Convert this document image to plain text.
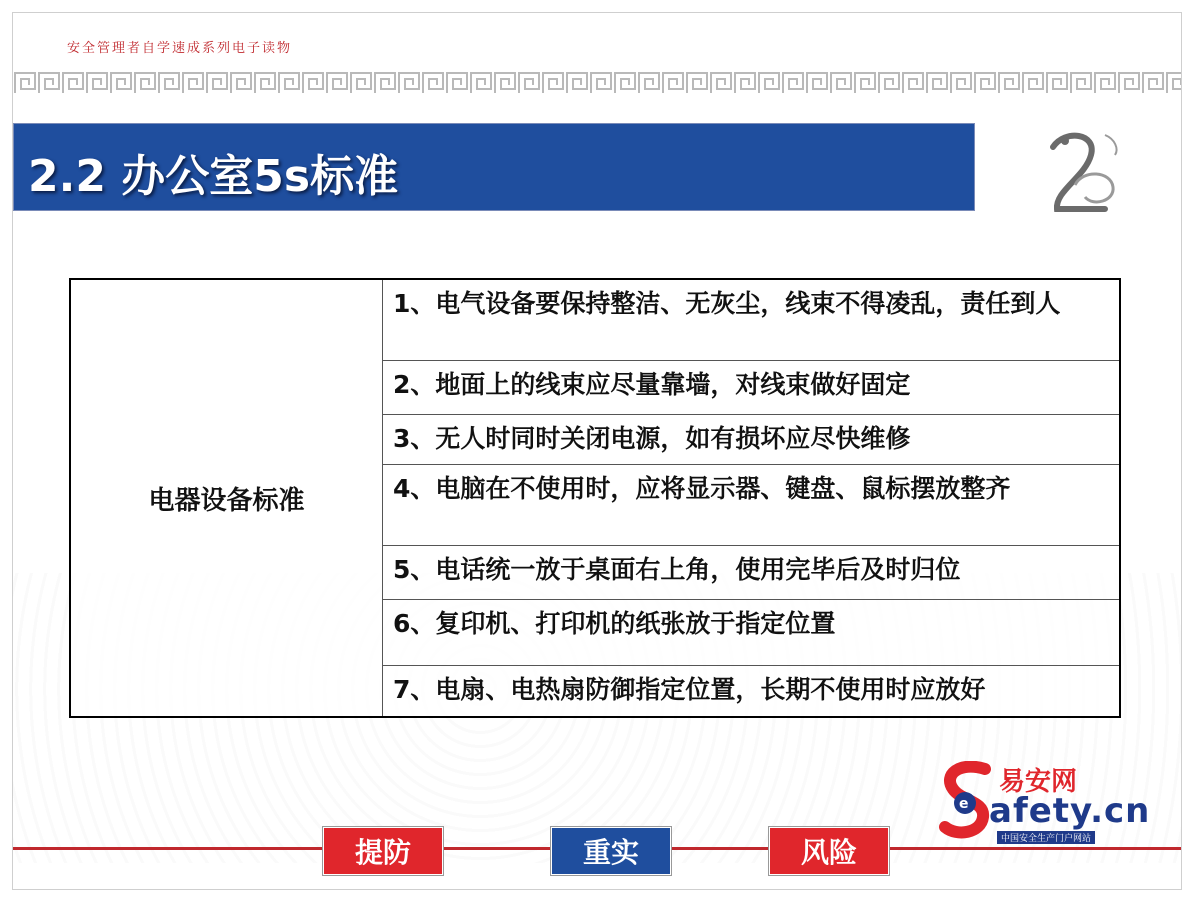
安全管理者自学速成系列电子读物
2.2 办公室5s标准
电器设备标准
1、电气设备要保持整洁、无灰尘，线束不得凌乱，责任到人
2、地面上的线束应尽量靠墙，对线束做好固定
3、无人时同时关闭电源，如有损坏应尽快维修
4、电脑在不使用时，应将显示器、键盘、鼠标摆放整齐
5、电话统一放于桌面右上角，使用完毕后及时归位
6、复印机、打印机的纸张放于指定位置
7、电扇、电热扇防御指定位置，长期不使用时应放好
提防	重实	风险
e
易安网
afety.cn
中国安全生产门户网站
